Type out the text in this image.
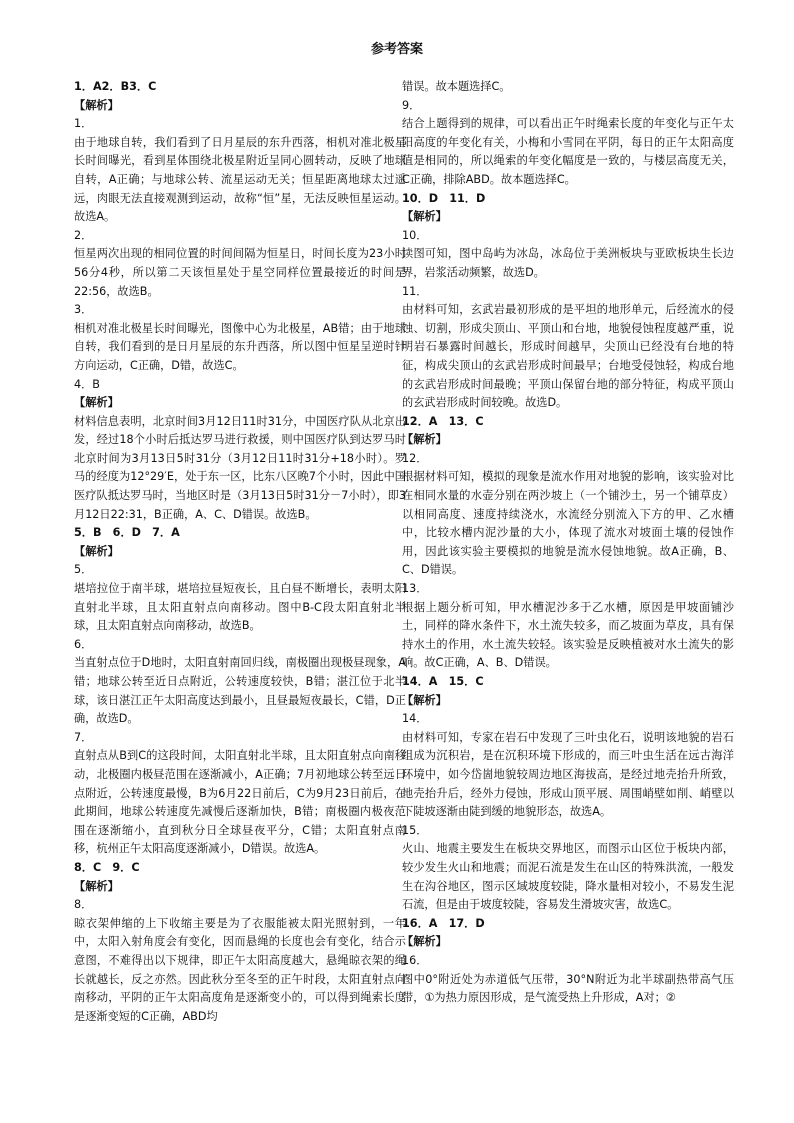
参考答案

1．A2．B3．C

【解析】

1．

由于地球自转，我们看到了日月星辰的东升西落，相机对准北极星长时间曝光，看到星体围绕北极星附近呈同心圆转动，反映了地球自转，A正确；与地球公转、流星运动无关；恒星距离地球太过遥远，肉眼无法直接观测到运动，故称“恒”星，无法反映恒星运动。故选A。

2．

恒星两次出现的相同位置的时间间隔为恒星日，时间长度为23小时56分4秒，所以第二天该恒星处于星空同样位置最接近的时间是22:56，故选B。

3．

相机对准北极星长时间曝光，图像中心为北极星，AB错；由于地球自转，我们看到的是日月星辰的东升西落，所以图中恒星呈逆时针方向运动，C正确，D错，故选C。

4．B

【解析】

材料信息表明，北京时间3月12日11时31分，中国医疗队从北京出发，经过18个小时后抵达罗马进行救援，则中国医疗队到达罗马时北京时间为3月13日5时31分（3月12日11时31分+18小时）。罗马的经度为12°29′E，处于东一区，比东八区晚7个小时，因此中国医疗队抵达罗马时，当地区时是（3月13日5时31分－7小时），即3月12日22:31，B正确，A、C、D错误。故选B。

5．B　6．D　7．A

【解析】

5．

堪培拉位于南半球，堪培拉昼短夜长，且白昼不断增长，表明太阳直射北半球，且太阳直射点向南移动。图中B-C段太阳直射北半球，且太阳直射点向南移动，故选B。

6．

当直射点位于D地时，太阳直射南回归线，南极圈出现极昼现象，A错；地球公转至近日点附近，公转速度较快，B错；湛江位于北半球，该日湛江正午太阳高度达到最小，且昼最短夜最长，C错，D正确，故选D。

7．

直射点从B到C的这段时间，太阳直射北半球，且太阳直射点向南移动，北极圈内极昼范围在逐渐减小，A正确；7月初地球公转至远日点附近，公转速度最慢，B为6月22日前后，C为9月23日前后，在此期间，地球公转速度先减慢后逐渐加快，B错；南极圈内极夜范围在逐渐缩小，直到秋分日全球昼夜平分，C错；太阳直射点南移，杭州正午太阳高度逐渐减小，D错误。故选A。

8．C　9．C

【解析】

8．

晾衣架伸缩的上下收缩主要是为了衣服能被太阳光照射到，一年中，太阳入射角度会有变化，因而悬绳的长度也会有变化，结合示意图，不难得出以下规律，即正午太阳高度越大，悬绳晾衣架的绳长就越长，反之亦然。因此秋分至冬至的正午时段，太阳直射点向南移动，平阴的正午太阳高度角是逐渐变小的，可以得到绳索长度是逐渐变短的C正确，ABD均

错误。故本题选择C。

9．

结合上题得到的规律，可以看出正午时绳索长度的年变化与正午太阳高度的年变化有关，小梅和小雪同在平阴，每日的正午太阳高度值是相同的，所以绳索的年变化幅度是一致的，与楼层高度无关，C正确，排除ABD。故本题选择C。

10．D　11．D

【解析】

10．

读图可知，图中岛屿为冰岛，冰岛位于美洲板块与亚欧板块生长边界，岩浆活动频繁，故选D。

11．

由材料可知，玄武岩最初形成的是平坦的地形单元，后经流水的侵蚀、切割，形成尖顶山、平顶山和台地，地貌侵蚀程度越严重，说明岩石暴露时间越长，形成时间越早，尖顶山已经没有台地的特征，构成尖顶山的玄武岩形成时间最早；台地受侵蚀轻，构成台地的玄武岩形成时间最晚；平顶山保留台地的部分特征，构成平顶山的玄武岩形成时间较晚。故选D。

12．A　13．C

【解析】

12．

根据材料可知，模拟的现象是流水作用对地貌的影响，该实验对比在相同水量的水壶分别在两沙坡上（一个铺沙土，另一个铺草皮）以相同高度、速度持续浇水，水流经分别流入下方的甲、乙水槽中，比较水槽内泥沙量的大小，体现了流水对坡面土壤的侵蚀作用，因此该实验主要模拟的地貌是流水侵蚀地貌。故A正确，B、C、D错误。

13．

根据上题分析可知，甲水槽泥沙多于乙水槽，原因是甲坡面铺沙土，同样的降水条件下，水土流失较多，而乙坡面为草皮，具有保持水土的作用，水土流失较轻。该实验是反映植被对水土流失的影响。故C正确，A、B、D错误。

14．A　15．C

【解析】

14．

由材料可知，专家在岩石中发现了三叶虫化石，说明该地貌的岩石组成为沉积岩，是在沉积环境下形成的，而三叶虫生活在远古海洋环境中，如今岱崮地貌较周边地区海拔高，是经过地壳抬升所致，地壳抬升后，经外力侵蚀，形成山顶平展、周围峭壁如削、峭壁以下陡坡逐渐由陡到缓的地貌形态，故选A。

15．

火山、地震主要发生在板块交界地区，而图示山区位于板块内部，较少发生火山和地震；而泥石流是发生在山区的特殊洪流，一般发生在沟谷地区，图示区域坡度较陡，降水量相对较小，不易发生泥石流，但是由于坡度较陡，容易发生滑坡灾害，故选C。

16．A　17．D

【解析】

16．

图中0°附近处为赤道低气压带，30°N附近为北半球副热带高气压带，①为热力原因形成，是气流受热上升形成，A对；②
